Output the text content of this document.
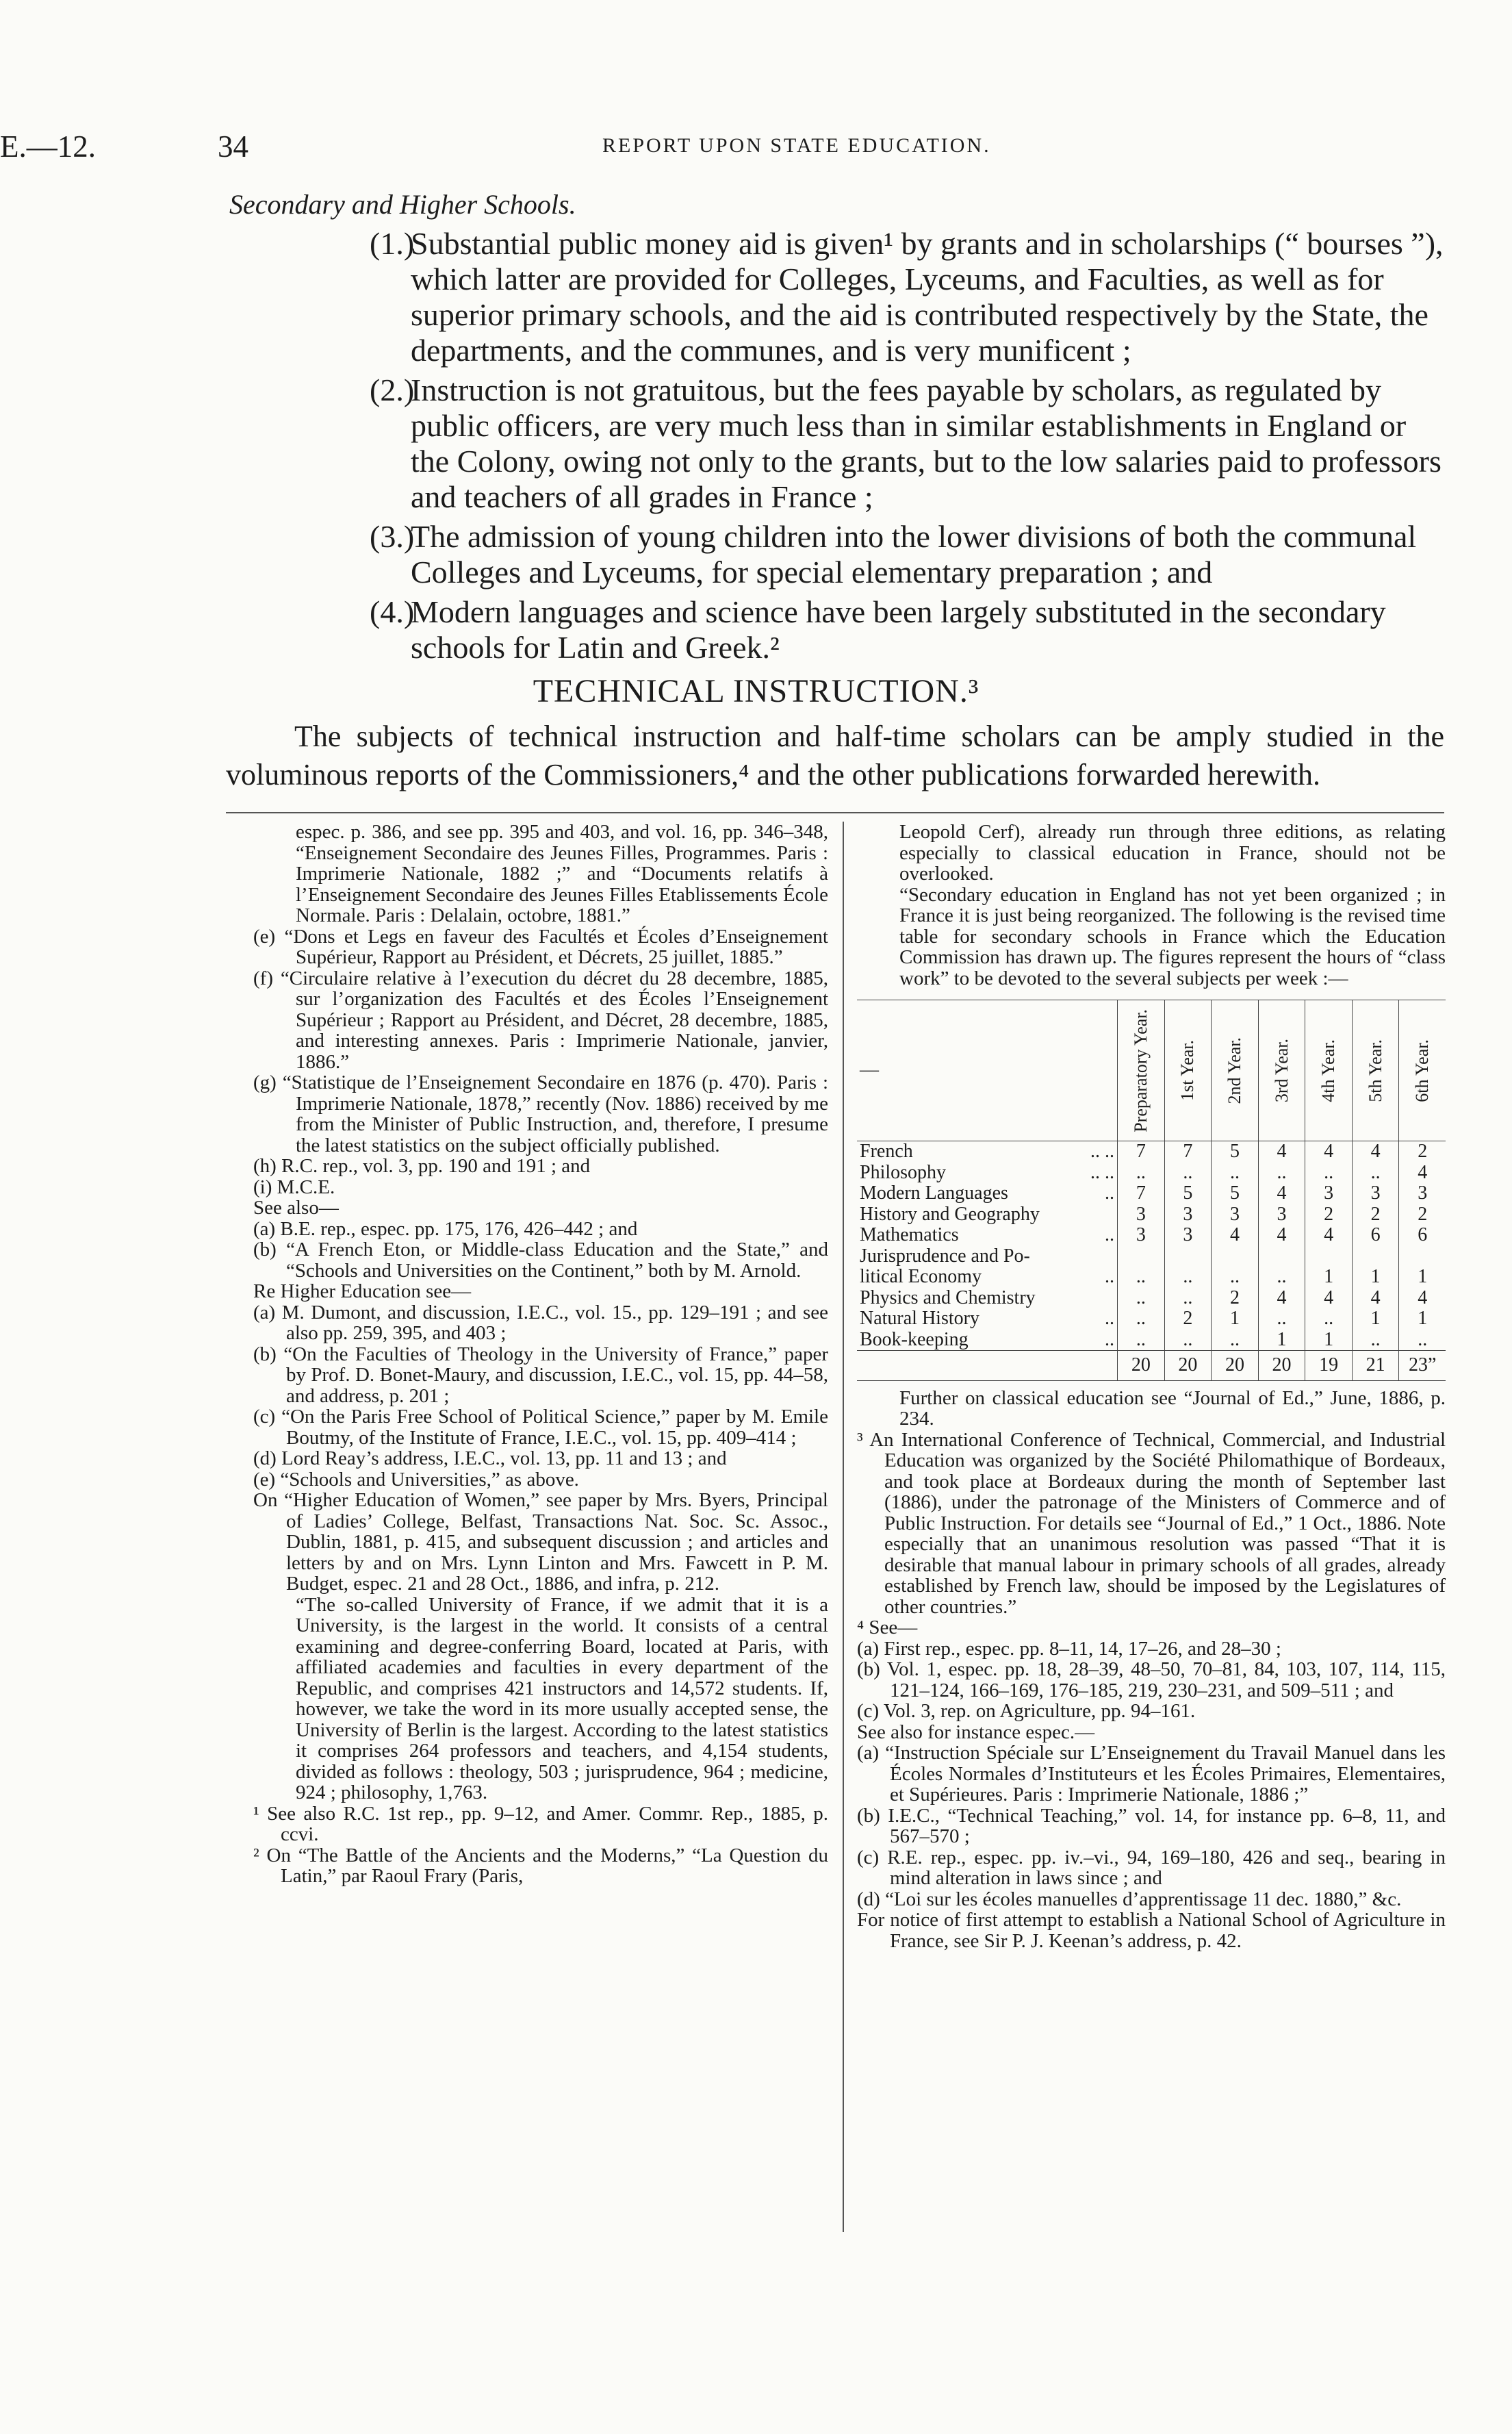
E.—12.	34	REPORT UPON STATE EDUCATION.
Secondary and Higher Schools.
(1.)
Substantial public money aid is given¹ by grants and in scholarships (“ bourses ”), which latter are provided for Colleges, Lyceums, and Faculties, as well as for superior primary schools, and the aid is contributed respectively by the State, the departments, and the communes, and is very munificent ;
(2.)
Instruction is not gratuitous, but the fees payable by scholars, as regulated by public officers, are very much less than in similar establishments in England or the Colony, owing not only to the grants, but to the low salaries paid to professors and teachers of all grades in France ;
(3.)
The admission of young children into the lower divisions of both the communal Colleges and Lyceums, for special elementary preparation ; and
(4.)
Modern languages and science have been largely substituted in the secondary schools for Latin and Greek.²
TECHNICAL INSTRUCTION.³
The subjects of technical instruction and half-time scholars can be amply studied in the voluminous reports of the Commissioners,⁴ and the other publications forwarded herewith.

espec. p. 386, and see pp. 395 and 403, and vol. 16, pp. 346–348, “Enseignement Secondaire des Jeunes Filles, Programmes. Paris : Imprimerie Nationale, 1882 ;” and “Documents relatifs à l’Enseignement Secondaire des Jeunes Filles Etablissements École Normale. Paris : Delalain, octobre, 1881.”

(e) “Dons et Legs en faveur des Facultés et Écoles d’Enseignement Supérieur, Rapport au Président, et Décrets, 25 juillet, 1885.”

(f) “Circulaire relative à l’execution du décret du 28 decembre, 1885, sur l’organization des Facultés et des Écoles l’Enseignement Supérieur ; Rapport au Président, and Décret, 28 decembre, 1885, and interesting annexes. Paris : Imprimerie Nationale, janvier, 1886.”

(g) “Statistique de l’Enseignement Secondaire en 1876 (p. 470). Paris : Imprimerie Nationale, 1878,” recently (Nov. 1886) received by me from the Minister of Public Instruction, and, therefore, I presume the latest statistics on the subject officially published.

(h) R.C. rep., vol. 3, pp. 190 and 191 ; and

(i) M.C.E.

See also—

(a) B.E. rep., espec. pp. 175, 176, 426–442 ; and

(b) “A French Eton, or Middle-class Education and the State,” and “Schools and Universities on the Continent,” both by M. Arnold.

Re Higher Education see—

(a) M. Dumont, and discussion, I.E.C., vol. 15., pp. 129–191 ; and see also pp. 259, 395, and 403 ;

(b) “On the Faculties of Theology in the University of France,” paper by Prof. D. Bonet-Maury, and discussion, I.E.C., vol. 15, pp. 44–58, and address, p. 201 ;

(c) “On the Paris Free School of Political Science,” paper by M. Emile Boutmy, of the Institute of France, I.E.C., vol. 15, pp. 409–414 ;

(d) Lord Reay’s address, I.E.C., vol. 13, pp. 11 and 13 ; and

(e) “Schools and Universities,” as above.

On “Higher Education of Women,” see paper by Mrs. Byers, Principal of Ladies’ College, Belfast, Transactions Nat. Soc. Sc. Assoc., Dublin, 1881, p. 415, and subsequent discussion ; and articles and letters by and on Mrs. Lynn Linton and Mrs. Fawcett in P. M. Budget, espec. 21 and 28 Oct., 1886, and infra, p. 212.

“The so-called University of France, if we admit that it is a University, is the largest in the world. It consists of a central examining and degree-conferring Board, located at Paris, with affiliated academies and faculties in every department of the Republic, and comprises 421 instructors and 14,572 students. If, however, we take the word in its more usually accepted sense, the University of Berlin is the largest. According to the latest statistics it comprises 264 professors and teachers, and 4,154 students, divided as follows : theology, 503 ; jurisprudence, 964 ; medicine, 924 ; philosophy, 1,763.

¹ See also R.C. 1st rep., pp. 9–12, and Amer. Commr. Rep., 1885, p. ccvi.

² On “The Battle of the Ancients and the Moderns,” “La Question du Latin,” par Raoul Frary (Paris,

Leopold Cerf), already run through three editions, as relating especially to classical education in France, should not be overlooked.

“Secondary education in England has not yet been organized ; in France it is just being reorganized. The following is the revised time table for secondary schools in France which the Education Commission has drawn up. The figures represent the hours of “class work” to be devoted to the several subjects per week :—

—	Preparatory Year.	1st Year.	2nd Year.	3rd Year.	4th Year.	5th Year.	6th Year.

French .. ..	7	7	5	4	4	4	2
Philosophy .. ..	..	..	..	..	..	..	4
Modern Languages ..	7	5	5	4	3	3	3
History and Geography	3	3	3	3	2	2	2
Mathematics ..	3	3	4	4	4	6	6
Jurisprudence and Po-

litical Economy ..	..	..	..	..	1	1	1
Physics and Chemistry	..	..	2	4	4	4	4
Natural History ..	..	2	1	..	..	1	1
Book-keeping ..	..	..	..	1	1	..	..
	20	20	20	20	19	21	23”

Further on classical education see “Journal of Ed.,” June, 1886, p. 234.

³ An International Conference of Technical, Commercial, and Industrial Education was organized by the Société Philomathique of Bordeaux, and took place at Bordeaux during the month of September last (1886), under the patronage of the Ministers of Commerce and of Public Instruction. For details see “Journal of Ed.,” 1 Oct., 1886. Note especially that an unanimous resolution was passed “That it is desirable that manual labour in primary schools of all grades, already established by French law, should be imposed by the Legislatures of other countries.”

⁴ See—

(a) First rep., espec. pp. 8–11, 14, 17–26, and 28–30 ;

(b) Vol. 1, espec. pp. 18, 28–39, 48–50, 70–81, 84, 103, 107, 114, 115, 121–124, 166–169, 176–185, 219, 230–231, and 509–511 ; and

(c) Vol. 3, rep. on Agriculture, pp. 94–161.

See also for instance espec.—

(a) “Instruction Spéciale sur L’Enseignement du Travail Manuel dans les Écoles Normales d’Instituteurs et les Écoles Primaires, Elementaires, et Supérieures. Paris : Imprimerie Nationale, 1886 ;”

(b) I.E.C., “Technical Teaching,” vol. 14, for instance pp. 6–8, 11, and 567–570 ;

(c) R.E. rep., espec. pp. iv.–vi., 94, 169–180, 426 and seq., bearing in mind alteration in laws since ; and

(d) “Loi sur les écoles manuelles d’apprentissage 11 dec. 1880,” &c.

For notice of first attempt to establish a National School of Agriculture in France, see Sir P. J. Keenan’s address, p. 42.
